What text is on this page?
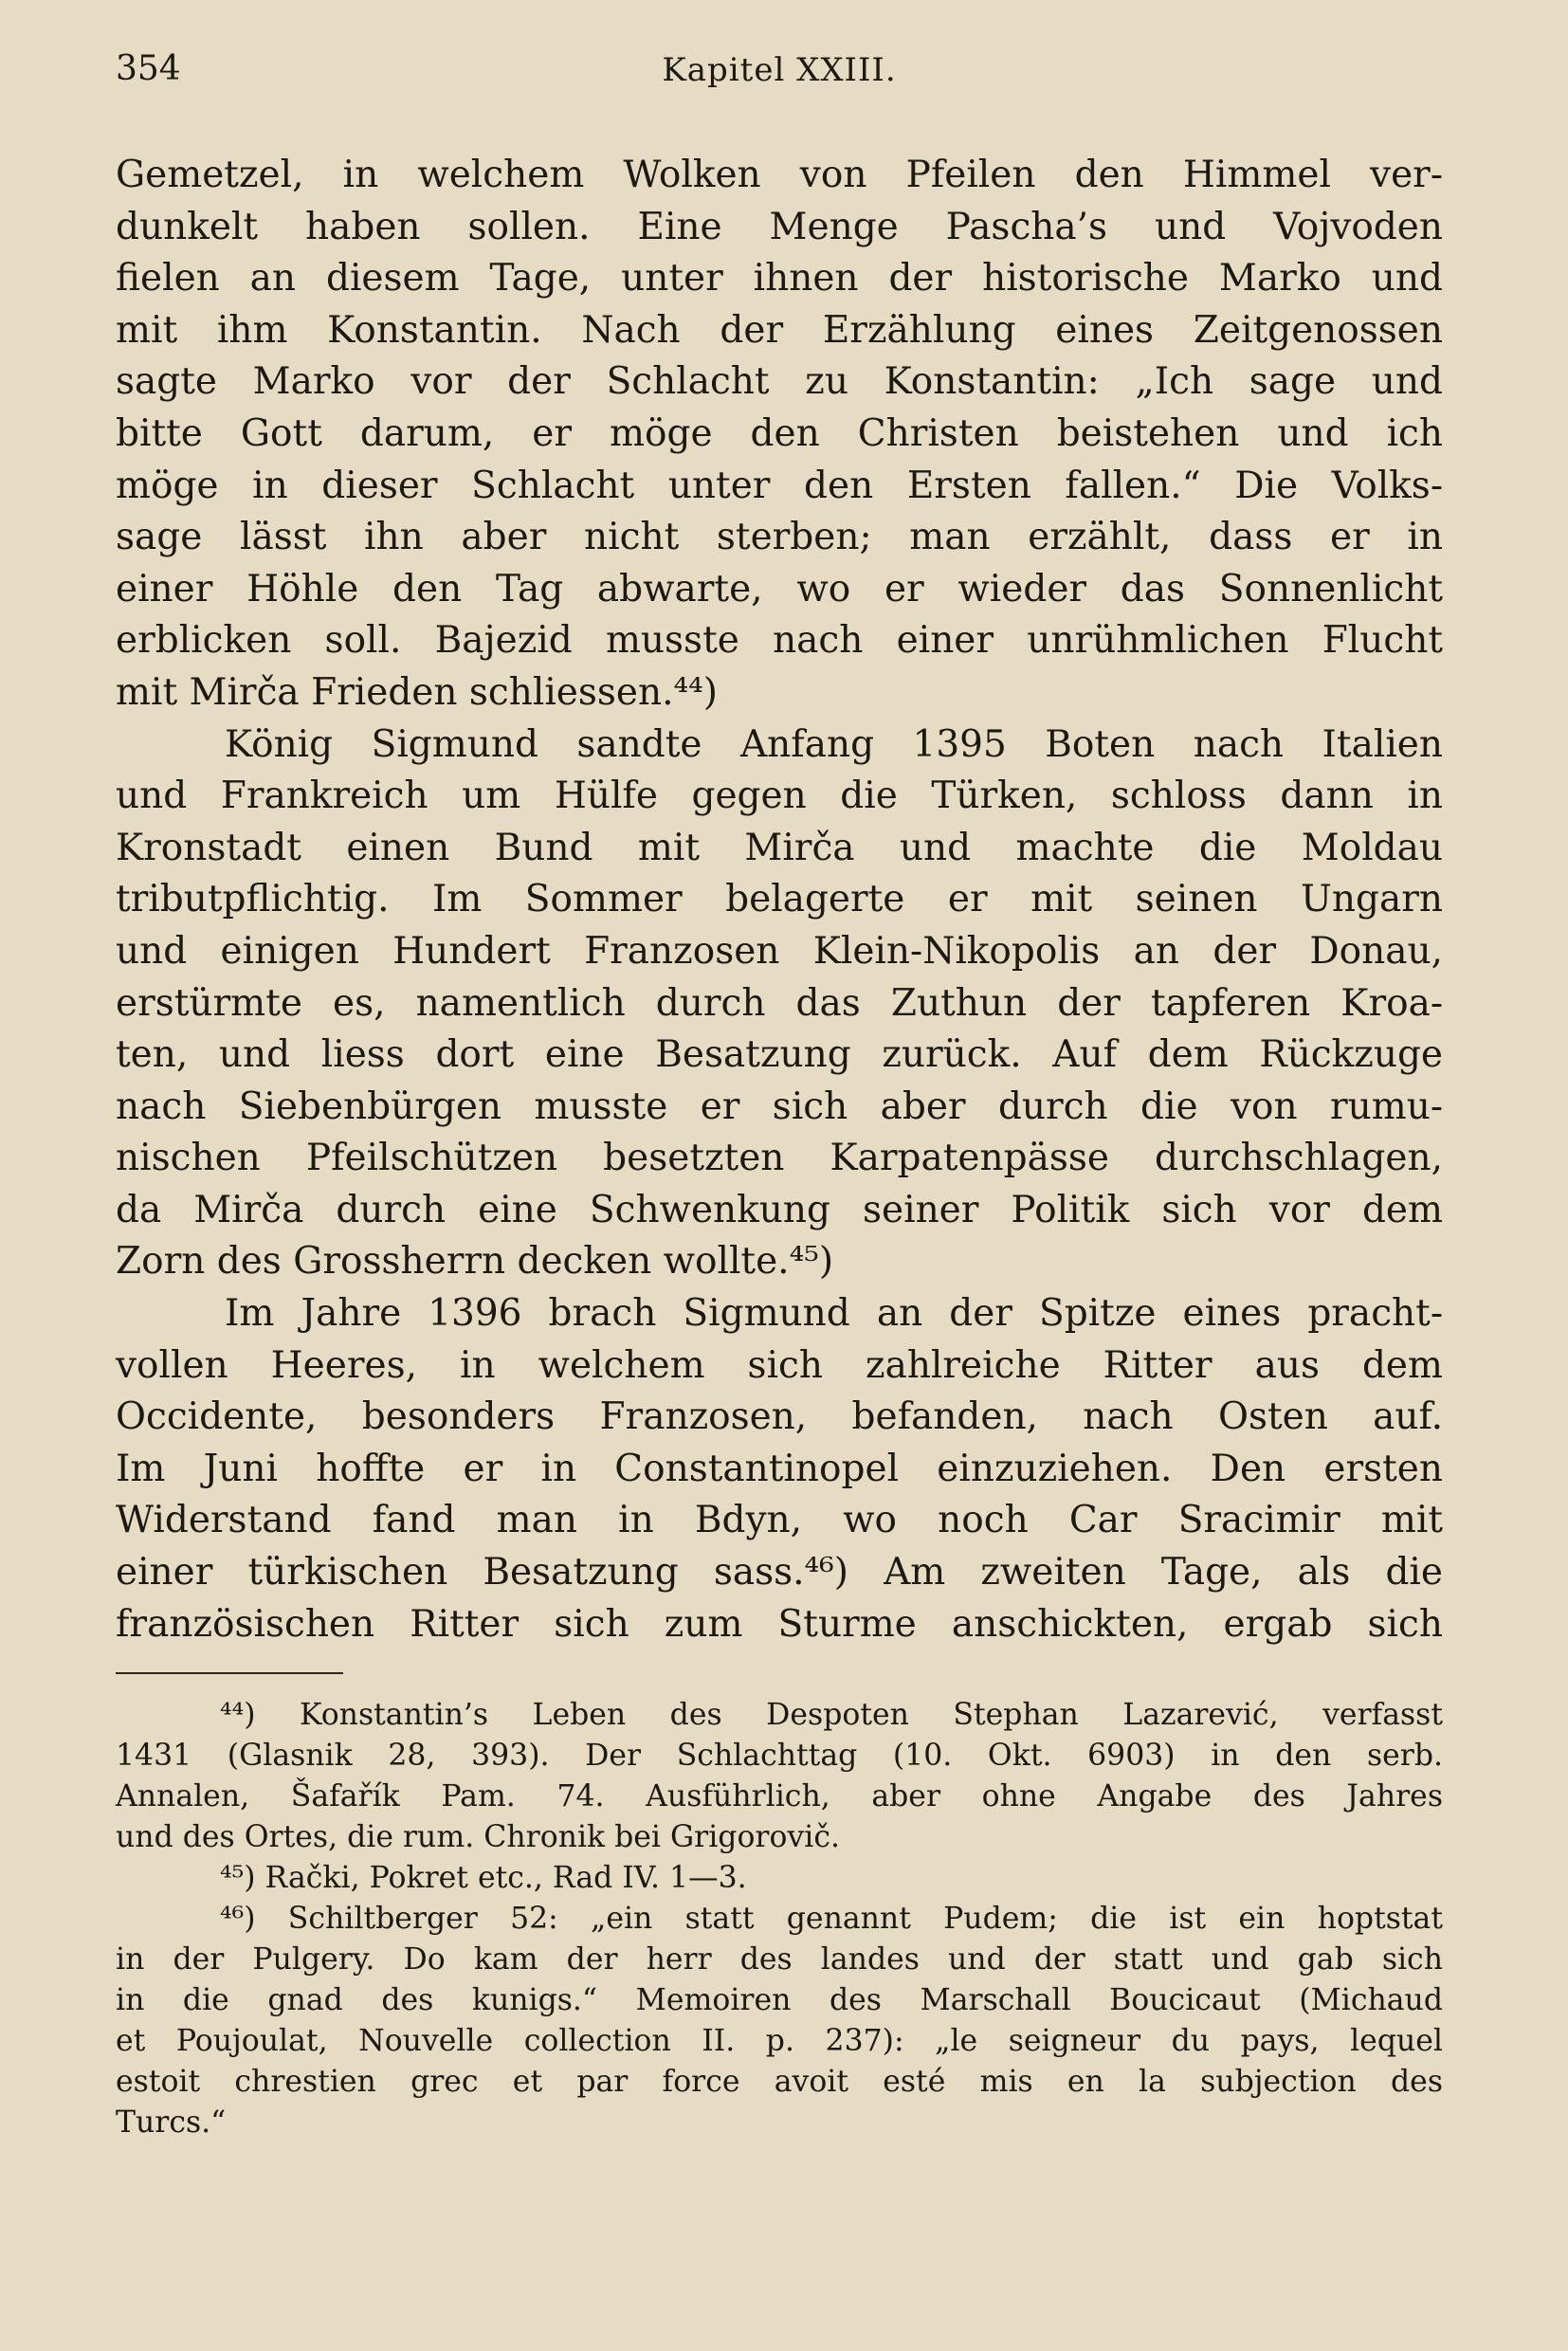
354	Kapitel XXIII.
Gemetzel, in welchem Wolken von Pfeilen den Himmel ver-
dunkelt haben sollen. Eine Menge Pascha’s und Vojvoden
fielen an diesem Tage, unter ihnen der historische Marko und
mit ihm Konstantin. Nach der Erzählung eines Zeitgenossen
sagte Marko vor der Schlacht zu Konstantin: „Ich sage und
bitte Gott darum, er möge den Christen beistehen und ich
möge in dieser Schlacht unter den Ersten fallen.“ Die Volks-
sage lässt ihn aber nicht sterben; man erzählt, dass er in
einer Höhle den Tag abwarte, wo er wieder das Sonnenlicht
erblicken soll. Bajezid musste nach einer unrühmlichen Flucht
mit Mirča Frieden schliessen.⁴⁴)
König Sigmund sandte Anfang 1395 Boten nach Italien
und Frankreich um Hülfe gegen die Türken, schloss dann in
Kronstadt einen Bund mit Mirča und machte die Moldau
tributpflichtig. Im Sommer belagerte er mit seinen Ungarn
und einigen Hundert Franzosen Klein-Nikopolis an der Donau,
erstürmte es, namentlich durch das Zuthun der tapferen Kroa-
ten, und liess dort eine Besatzung zurück. Auf dem Rückzuge
nach Siebenbürgen musste er sich aber durch die von rumu-
nischen Pfeilschützen besetzten Karpatenpässe durchschlagen,
da Mirča durch eine Schwenkung seiner Politik sich vor dem
Zorn des Grossherrn decken wollte.⁴⁵)
Im Jahre 1396 brach Sigmund an der Spitze eines pracht-
vollen Heeres, in welchem sich zahlreiche Ritter aus dem
Occidente, besonders Franzosen, befanden, nach Osten auf.
Im Juni hoffte er in Constantinopel einzuziehen. Den ersten
Widerstand fand man in Bdyn, wo noch Car Sracimir mit
einer türkischen Besatzung sass.⁴⁶) Am zweiten Tage, als die
französischen Ritter sich zum Sturme anschickten, ergab sich
⁴⁴) Konstantin’s Leben des Despoten Stephan Lazarević, verfasst
1431 (Glasnik 28, 393). Der Schlachttag (10. Okt. 6903) in den serb.
Annalen, Šafařík Pam. 74. Ausführlich, aber ohne Angabe des Jahres
und des Ortes, die rum. Chronik bei Grigorovič.
⁴⁵) Rački, Pokret etc., Rad IV. 1—3.
⁴⁶) Schiltberger 52: „ein statt genannt Pudem; die ist ein hoptstat
in der Pulgery. Do kam der herr des landes und der statt und gab sich
in die gnad des kunigs.“ Memoiren des Marschall Boucicaut (Michaud
et Poujoulat, Nouvelle collection II. p. 237): „le seigneur du pays, lequel
estoit chrestien grec et par force avoit esté mis en la subjection des
Turcs.“
